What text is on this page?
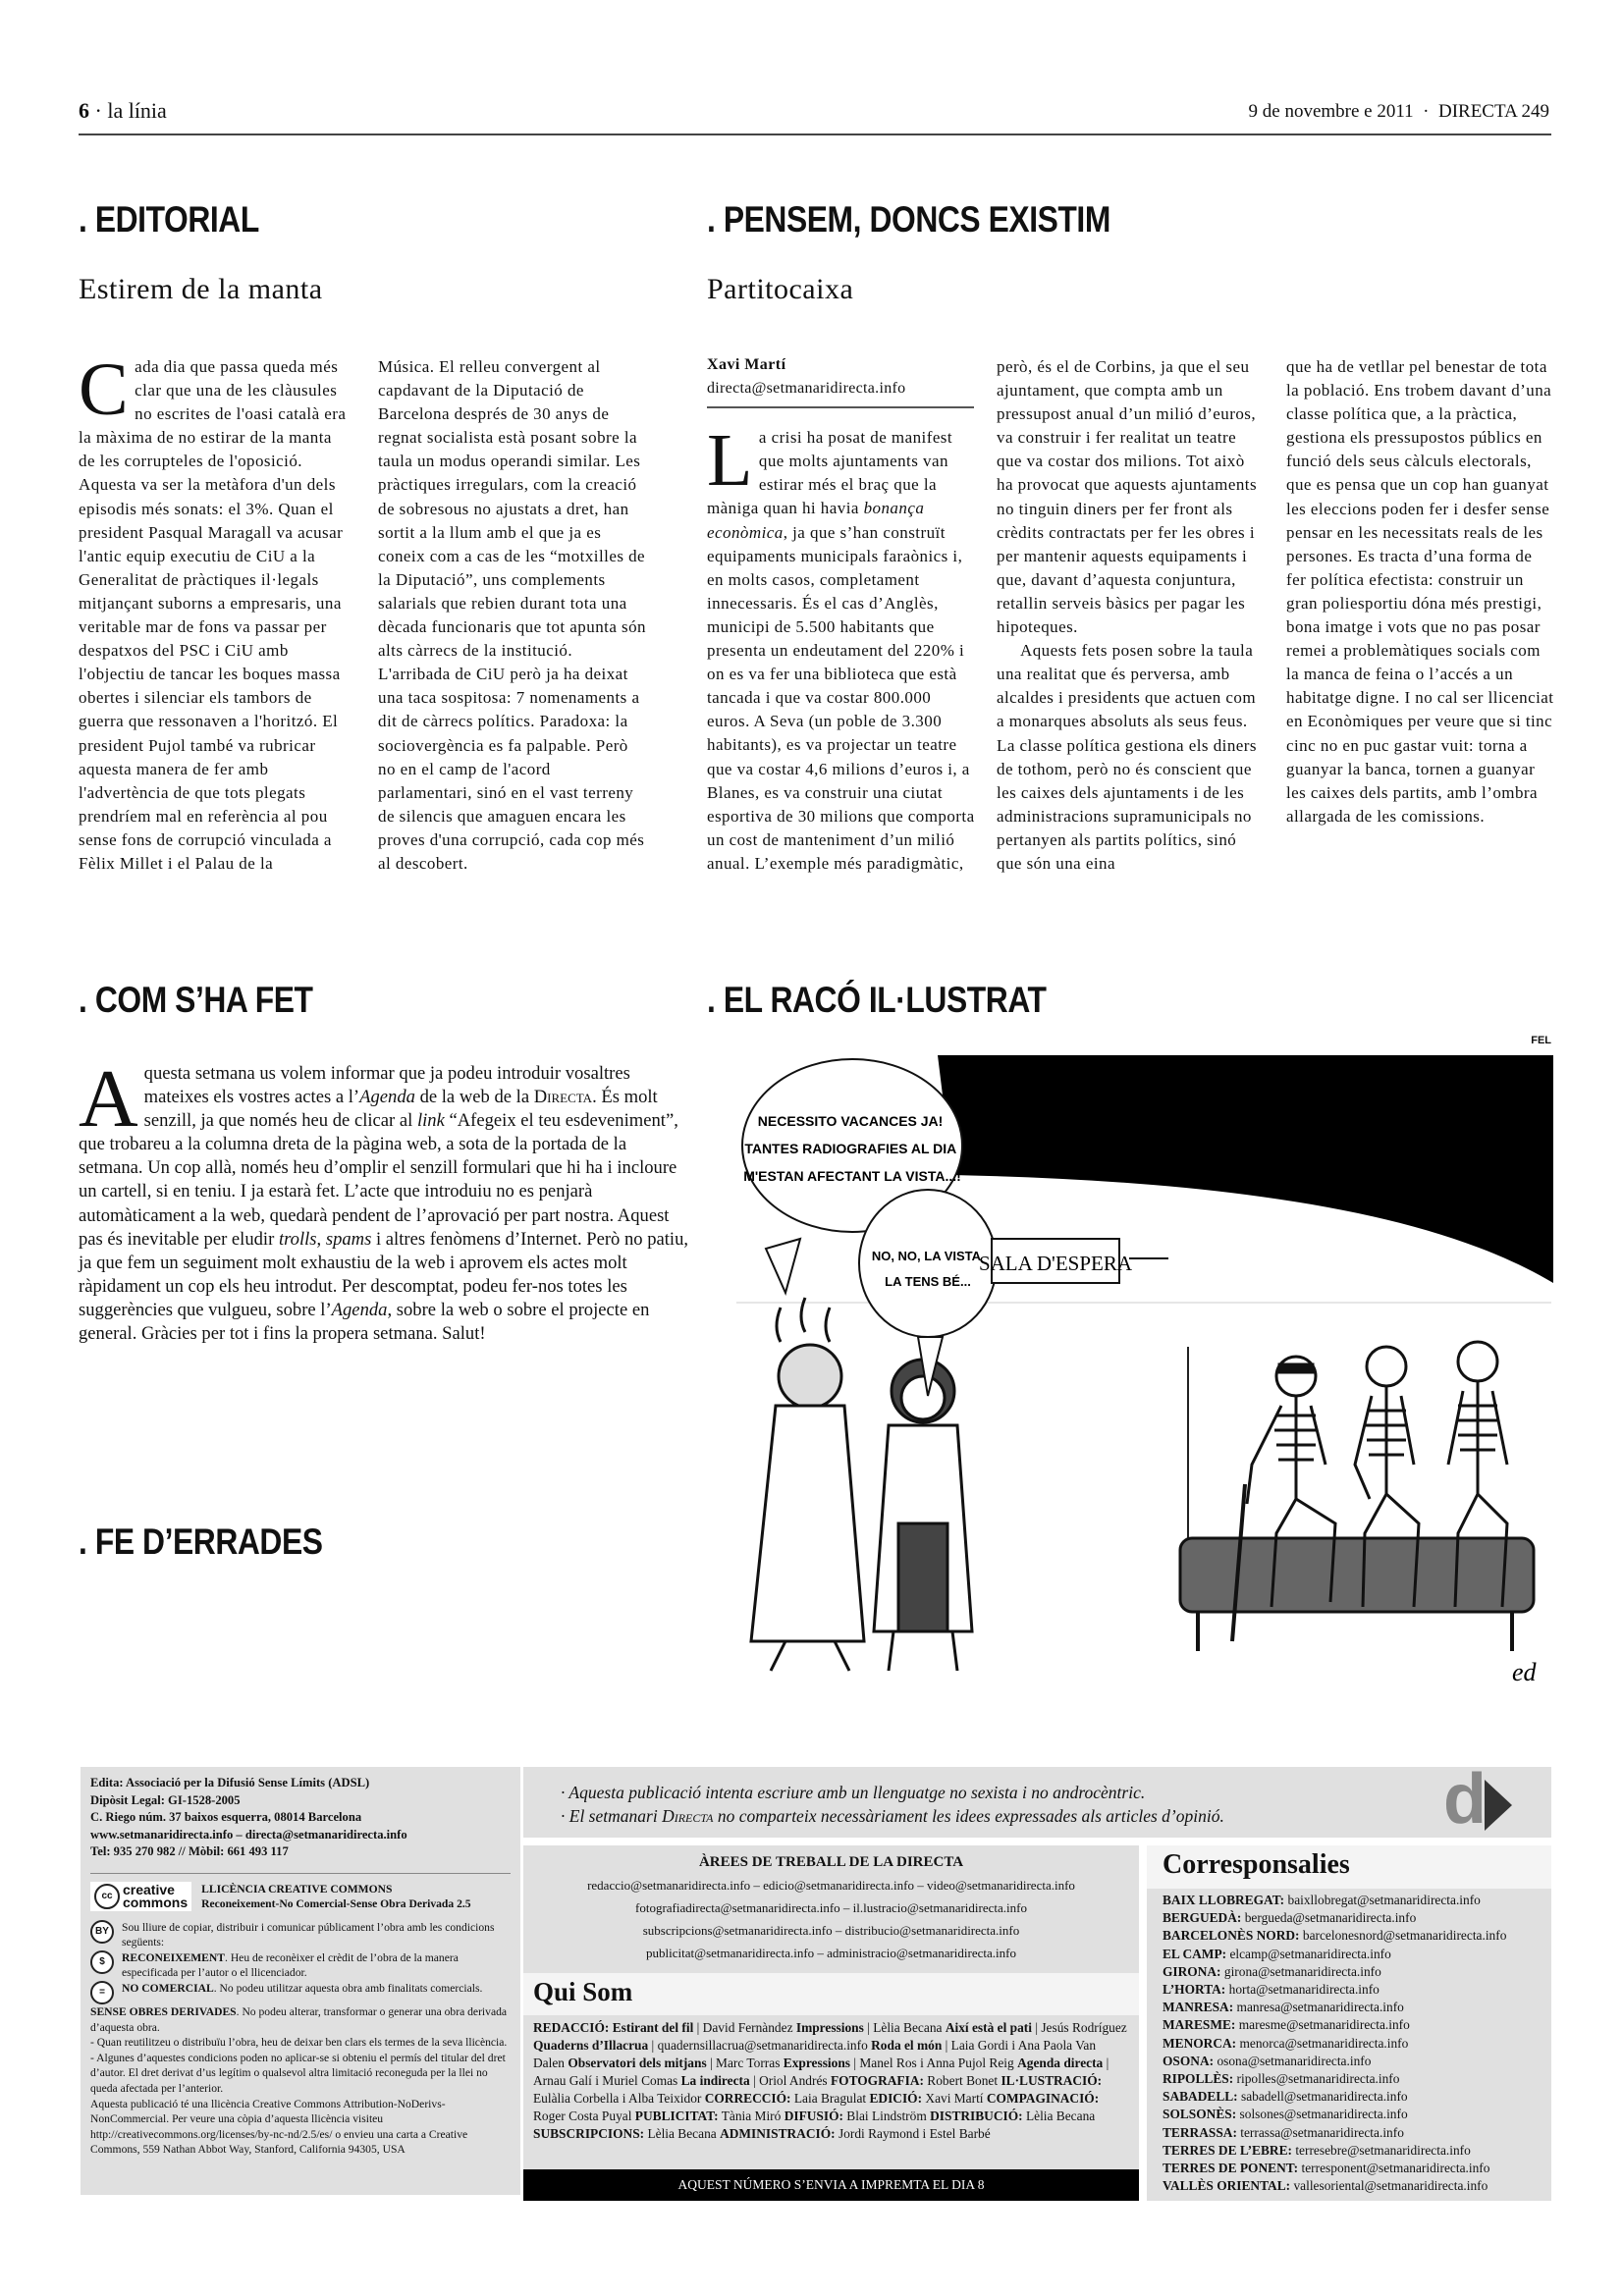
6 · la línia	9 de novembre e 2011 · DIRECTA 249
. EDITORIAL
Estirem de la manta
C ada dia que passa queda més clar que una de les clàusules no escrites de l'oasi català era la màxima de no estirar de la manta de les corrupteles de l'oposició. Aquesta va ser la metàfora d'un dels episodis més sonats: el 3%. Quan el president Pasqual Maragall va acusar l'antic equip executiu de CiU a la Generalitat de pràctiques il·legals mitjançant suborns a empresaris, una veritable mar de fons va passar per despatxos del PSC i CiU amb l'objectiu de tancar les boques massa obertes i silenciar els tambors de guerra que ressonaven a l'horitzó. El president Pujol també va rubricar aquesta manera de fer amb l'advertència de que tots plegats prendríem mal en referència al pou sense fons de corrupció vinculada a Fèlix Millet i el Palau de la

Música. El relleu convergent al capdavant de la Diputació de Barcelona després de 30 anys de regnat socialista està posant sobre la taula un modus operandi similar. Les pràctiques irregulars, com la creació de sobresous no ajustats a dret, han sortit a la llum amb el que ja es coneix com a cas de les “motxilles de la Diputació”, uns complements salarials que rebien durant tota una dècada funcionaris que tot apunta són alts càrrecs de la institució. L'arribada de CiU però ja ha deixat una taca sospitosa: 7 nomenaments a dit de càrrecs polítics. Paradoxa: la sociovergència es fa palpable. Però no en el camp de l'acord parlamentari, sinó en el vast terreny de silencis que amaguen encara les proves d'una corrupció, cada cop més al descobert.

. PENSEM, DONCS EXISTIM
Partitocaixa
Xavi Martí
directa@setmanaridirecta.info
L a crisi ha posat de manifest que molts ajuntaments van estirar més el braç que la màniga quan hi havia bonança econòmica, ja que s’han construït equipaments municipals faraònics i, en molts casos, completament innecessaris. És el cas d’Anglès, municipi de 5.500 habitants que presenta un endeutament del 220% i on es va fer una biblioteca que està tancada i que va costar 800.000 euros. A Seva (un poble de 3.300 habitants), es va projectar un teatre que va costar 4,6 milions d’euros i, a Blanes, es va construir una ciutat esportiva de 30 milions que comporta un cost de manteniment d’un milió anual. L’exemple més paradigmàtic,

però, és el de Corbins, ja que el seu ajuntament, que compta amb un pressupost anual d’un milió d’euros, va construir i fer realitat un teatre que va costar dos milions. Tot això ha provocat que aquests ajuntaments no tinguin diners per fer front als crèdits contractats per fer les obres i per mantenir aquests equipaments i que, davant d’aquesta conjuntura, retallin serveis bàsics per pagar les hipoteques.

Aquests fets posen sobre la taula una realitat que és perversa, amb alcaldes i presidents que actuen com a monarques absoluts als seus feus. La classe política gestiona els diners de tothom, però no és conscient que les caixes dels ajuntaments i de les administracions supramunicipals no pertanyen als partits polítics, sinó que són una eina

que ha de vetllar pel benestar de tota la població. Ens trobem davant d’una classe política que, a la pràctica, gestiona els pressupostos públics en funció dels seus càlculs electorals, que es pensa que un cop han guanyat les eleccions poden fer i desfer sense pensar en les necessitats reals de les persones. Es tracta d’una forma de fer política efectista: construir un gran poliesportiu dóna més prestigi, bona imatge i vots que no pas posar remei a problemàtiques socials com la manca de feina o l’accés a un habitatge digne. I no cal ser llicenciat en Econòmiques per veure que si tinc cinc no en puc gastar vuit: torna a guanyar la banca, tornen a guanyar les caixes dels partits, amb l’ombra allargada de les comissions.

. COM S’HA FET
A questa setmana us volem informar que ja podeu introduir vosaltres mateixes els vostres actes a l’Agenda de la web de la Directa. És molt senzill, ja que només heu de clicar al link “Afegeix el teu esdeveniment”, que trobareu a la columna dreta de la pàgina web, a sota de la portada de la setmana. Un cop allà, només heu d’omplir el senzill formulari que hi ha i incloure un cartell, si en teniu. I ja estarà fet. L’acte que introduiu no es penjarà automàticament a la web, quedarà pendent de l’aprovació per part nostra. Aquest pas és inevitable per eludir trolls, spams i altres fenòmens d’Internet. Però no patiu, ja que fem un seguiment molt exhaustiu de la web i aprovem els actes molt ràpidament un cop els heu introdut. Per descomptat, podeu fer-nos totes les suggerències que vulgueu, sobre l’Agenda, sobre la web o sobre el projecte en general. Gràcies per tot i fins la propera setmana. Salut!

. FE D’ERRADES
. EL RACÓ IL·LUSTRAT
FEL
NECESSITO VACANCES JA! TANTES RADIOGRAFIES AL DIA M'ESTAN AFECTANT LA VISTA...!
NO, NO, LA VISTA LA TENS BÉ...
SALA D'ESPERA
ed
Edita: Associació per la Difusió Sense Límits (ADSL)
Dipòsit Legal: GI-1528-2005
C. Riego núm. 37 baixos esquerra, 08014 Barcelona
www.setmanaridirecta.info – directa@setmanaridirecta.info
Tel: 935 270 982 // Mòbil: 661 493 117
cc creative
commons
LLICÈNCIA CREATIVE COMMONS
Reconeixement-No Comercial-Sense Obra Derivada 2.5
BY	Sou lliure de copiar, distribuir i comunicar públicament l’obra amb les condicions següents:
$	RECONEIXEMENT. Heu de reconèixer el crèdit de l’obra de la manera especificada per l’autor o el llicenciador.
=	NO COMERCIAL. No podeu utilitzar aquesta obra amb finalitats comercials.
SENSE OBRES DERIVADES. No podeu alterar, transformar o generar una obra derivada d’aquesta obra.
- Quan reutilitzeu o distribuïu l’obra, heu de deixar ben clars els termes de la seva llicència.
- Algunes d’aquestes condicions poden no aplicar-se si obteniu el permís del titular del dret d’autor. El dret derivat d’us legítim o qualsevol altra limitació reconeguda per la llei no queda afectada per l’anterior.
Aquesta publicació té una llicència Creative Commons Attribution-NoDerivs- NonCommercial. Per veure una còpia d’aquesta llicència visiteu http://creativecommons.org/licenses/by-nc-nd/2.5/es/ o envieu una carta a Creative Commons, 559 Nathan Abbot Way, Stanford, California 94305, USA
· Aquesta publicació intenta escriure amb un llenguatge no sexista i no androcèntric.
· El setmanari Directa no comparteix necessàriament les idees expressades als articles d’opinió.	d
ÀREES DE TREBALL DE LA DIRECTA
redaccio@setmanaridirecta.info – edicio@setmanaridirecta.info – video@setmanaridirecta.info
fotografiadirecta@setmanaridirecta.info – il.lustracio@setmanaridirecta.info
subscripcions@setmanaridirecta.info – distribucio@setmanaridirecta.info
publicitat@setmanaridirecta.info – administracio@setmanaridirecta.info
Qui Som
REDACCIÓ: Estirant del fil | David Fernàndez Impressions | Lèlia Becana Així està el pati | Jesús Rodríguez Quaderns d’Illacrua | quadernsillacrua@setmanaridirecta.info Roda el món | Laia Gordi i Ana Paola Van Dalen Observatori dels mitjans | Marc Torras Expressions | Manel Ros i Anna Pujol Reig Agenda directa | Arnau Galí i Muriel Comas La indirecta | Oriol Andrés FOTOGRAFIA: Robert Bonet IL·LUSTRACIÓ: Eulàlia Corbella i Alba Teixidor CORRECCIÓ: Laia Bragulat EDICIÓ: Xavi Martí COMPAGINACIÓ: Roger Costa Puyal PUBLICITAT: Tània Miró DIFUSIÓ: Blai Lindström DISTRIBUCIÓ: Lèlia Becana SUBSCRIPCIONS: Lèlia Becana ADMINISTRACIÓ: Jordi Raymond i Estel Barbé
AQUEST NÚMERO S’ENVIA A IMPREMTA EL DIA 8
Corresponsalies
BAIX LLOBREGAT: baixllobregat@setmanaridirecta.info
BERGUEDÀ: bergueda@setmanaridirecta.info
BARCELONÈS NORD: barcelonesnord@setmanaridirecta.info
EL CAMP: elcamp@setmanaridirecta.info
GIRONA: girona@setmanaridirecta.info
L’HORTA: horta@setmanaridirecta.info
MANRESA: manresa@setmanaridirecta.info
MARESME: maresme@setmanaridirecta.info
MENORCA: menorca@setmanaridirecta.info
OSONA: osona@setmanaridirecta.info
RIPOLLÈS: ripolles@setmanaridirecta.info
SABADELL: sabadell@setmanaridirecta.info
SOLSONÈS: solsones@setmanaridirecta.info
TERRASSA: terrassa@setmanaridirecta.info
TERRES DE L’EBRE: terresebre@setmanaridirecta.info
TERRES DE PONENT: terresponent@setmanaridirecta.info
VALLÈS ORIENTAL: vallesoriental@setmanaridirecta.info
